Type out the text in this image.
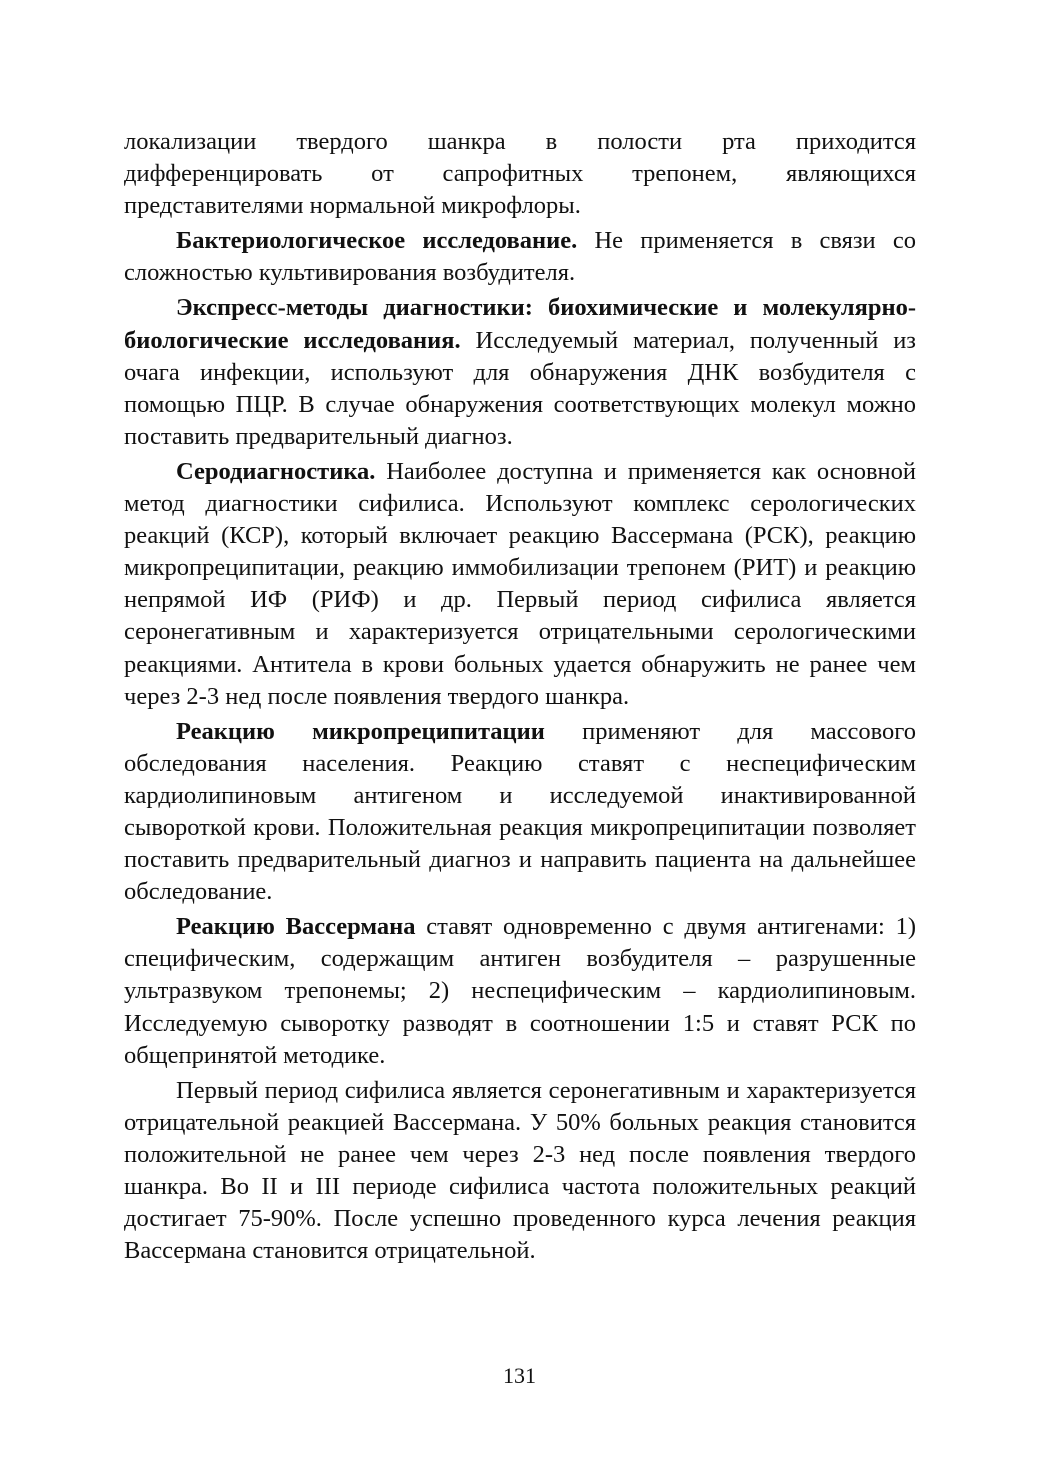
локализации твердого шанкра в полости рта приходится дифференцировать от сапрофитных трепонем, являющихся представителями нормальной микрофлоры.

Бактериологическое исследование. Не применяется в связи со сложностью культивирования возбудителя.

Экспресс-методы диагностики: биохимические и молекулярно-биологические исследования. Исследуемый материал, полученный из очага инфекции, используют для обнаружения ДНК возбудителя с помощью ПЦР. В случае обнаружения соответствующих молекул можно поставить предварительный диагноз.

Серодиагностика. Наиболее доступна и применяется как основной метод диагностики сифилиса. Используют комплекс серологических реакций (КСР), который включает реакцию Вассермана (РСК), реакцию микропреципитации, реакцию иммобилизации трепонем (РИТ) и реакцию непрямой ИФ (РИФ) и др. Первый период сифилиса является серонегативным и характеризуется отрицательными серологическими реакциями. Антитела в крови больных удается обнаружить не ранее чем через 2-3 нед после появления твердого шанкра.

Реакцию микропреципитации применяют для массового обследования населения. Реакцию ставят с неспецифическим кардиолипиновым антигеном и исследуемой инактивированной сывороткой крови. Положительная реакция микропреципитации позволяет поставить предварительный диагноз и направить пациента на дальнейшее обследование.

Реакцию Вассермана ставят одновременно с двумя антигенами: 1) специфическим, содержащим антиген возбудителя – разрушенные ультразвуком трепонемы; 2) неспецифическим – кардиолипиновым. Исследуемую сыворотку разводят в соотношении 1:5 и ставят РСК по общепринятой методике.

Первый период сифилиса является серонегативным и характеризуется отрицательной реакцией Вассермана. У 50% больных реакция становится положительной не ранее чем через 2-3 нед после появления твердого шанкра. Во II и III периоде сифилиса частота положительных реакций достигает 75-90%. После успешно проведенного курса лечения реакция Вассермана становится отрицательной.

131
